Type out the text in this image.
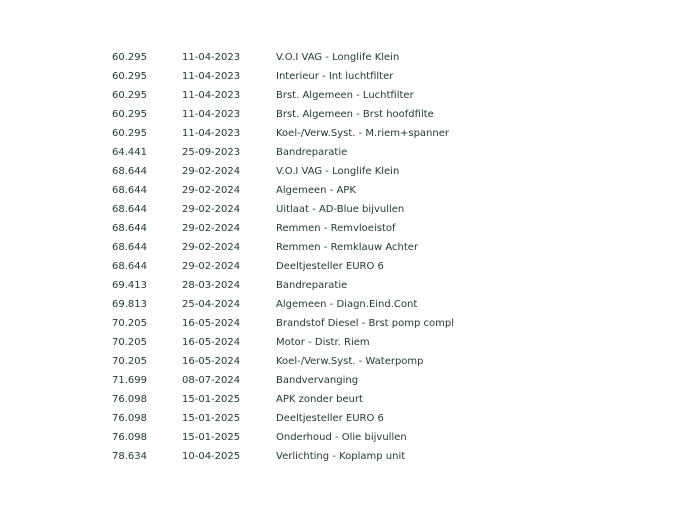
60.295	11-04-2023	V.O.I VAG - Longlife Klein
60.295	11-04-2023	Interieur - Int luchtfilter
60.295	11-04-2023	Brst. Algemeen - Luchtfilter
60.295	11-04-2023	Brst. Algemeen - Brst hoofdfilte
60.295	11-04-2023	Koel-/Verw.Syst. - M.riem+spanner
64.441	25-09-2023	Bandreparatie
68.644	29-02-2024	V.O.I VAG - Longlife Klein
68.644	29-02-2024	Algemeen - APK
68.644	29-02-2024	Uitlaat - AD-Blue bijvullen
68.644	29-02-2024	Remmen - Remvloeistof
68.644	29-02-2024	Remmen - Remklauw Achter
68.644	29-02-2024	Deeltjesteller EURO 6
69.413	28-03-2024	Bandreparatie
69.813	25-04-2024	Algemeen - Diagn.Eind.Cont
70.205	16-05-2024	Brandstof Diesel - Brst pomp compl
70.205	16-05-2024	Motor - Distr. Riem
70.205	16-05-2024	Koel-/Verw.Syst. - Waterpomp
71.699	08-07-2024	Bandvervanging
76.098	15-01-2025	APK zonder beurt
76.098	15-01-2025	Deeltjesteller EURO 6
76.098	15-01-2025	Onderhoud - Olie bijvullen
78.634	10-04-2025	Verlichting - Koplamp unit
